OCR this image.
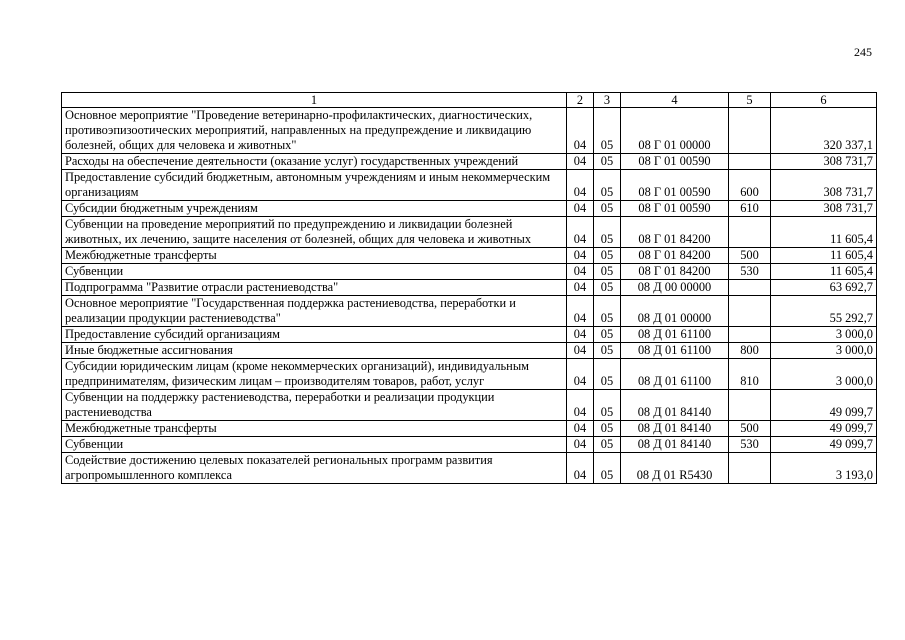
245
1	2	3	4	5	6
Основное мероприятие "Проведение ветеринарно-профилактических, диагностических, противоэпизоотических мероприятий, направленных на предупреждение и ликвидацию болезней, общих для человека и животных"	04	05	08 Г 01 00000		320 337,1
Расходы на обеспечение деятельности (оказание услуг) государственных учреждений	04	05	08 Г 01 00590		308 731,7
Предоставление субсидий бюджетным, автономным учреждениям и иным некоммерческим организациям	04	05	08 Г 01 00590	600	308 731,7
Субсидии бюджетным учреждениям	04	05	08 Г 01 00590	610	308 731,7
Субвенции на проведение мероприятий по предупреждению и ликвидации болезней животных, их лечению, защите населения от болезней, общих для человека и животных	04	05	08 Г 01 84200		11 605,4
Межбюджетные трансферты	04	05	08 Г 01 84200	500	11 605,4
Субвенции	04	05	08 Г 01 84200	530	11 605,4
Подпрограмма "Развитие отрасли растениеводства"	04	05	08 Д 00 00000		63 692,7
Основное мероприятие "Государственная поддержка растениеводства, переработки и реализации продукции растениеводства"	04	05	08 Д 01 00000		55 292,7
Предоставление субсидий организациям	04	05	08 Д 01 61100		3 000,0
Иные бюджетные ассигнования	04	05	08 Д 01 61100	800	3 000,0
Субсидии юридическим лицам (кроме некоммерческих организаций), индивидуальным предпринимателям, физическим лицам – производителям товаров, работ, услуг	04	05	08 Д 01 61100	810	3 000,0
Субвенции на поддержку растениеводства, переработки и реализации продукции растениеводства	04	05	08 Д 01 84140		49 099,7
Межбюджетные трансферты	04	05	08 Д 01 84140	500	49 099,7
Субвенции	04	05	08 Д 01 84140	530	49 099,7
Содействие достижению целевых показателей региональных программ развития агропромышленного комплекса	04	05	08 Д 01 R5430		3 193,0
